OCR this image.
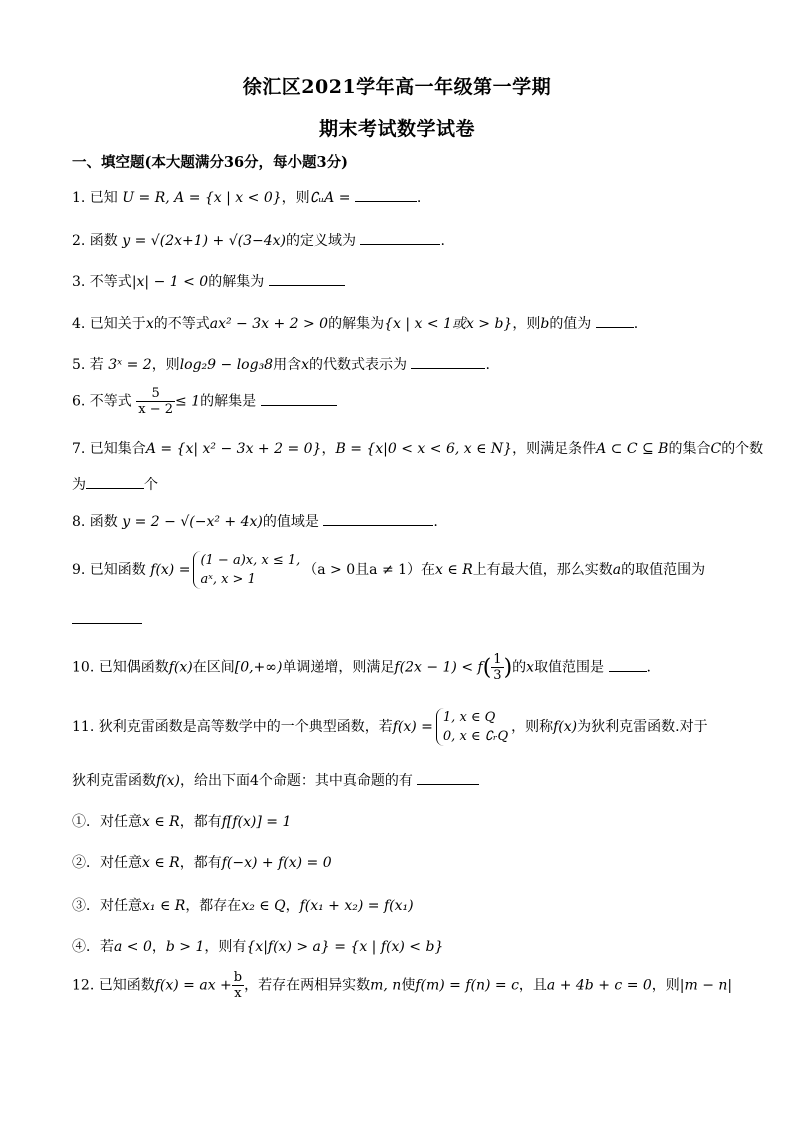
徐汇区2021学年高一年级第一学期
期末考试数学试卷
一、填空题(本大题满分36分，每小题3分)
1. 已知 U = R, A = {x | x < 0}，则∁ᵤA =	.
2. 函数 y = √(2x+1) + √(3−4x)的定义域为	.
3. 不等式|x| − 1 < 0的解集为
4. 已知关于x的不等式ax² − 3x + 2 > 0的解集为{x | x < 1或x > b}，则b的值为	.
5. 若 3ˣ = 2，则log₂9 − log₃8用含x的代数式表示为	.
6. 不等式 $\frac{5}{x - 2} \le 1$的解集是
7. 已知集合A = {x| x² − 3x + 2 = 0}，B = {x|0 < x < 6, x ∈ N}，则满足条件A ⊂ C ⊆ B的集合C的个数
为	个
8. 函数 y = 2 − √(−x² + 4x)的值域是	.
9. 已知函数 f(x) =(1 − a)x, x ≤ 1,
aˣ, x > 1（a > 0且a ≠ 1）在x ∈ R上有最大值，那么实数a的取值范围为
10. 已知偶函数f(x)在区间[0,+∞)单调递增，则满足$f(2x - 1) < f( \frac{1}{3}$ )的x取值范围是	.
11. 狄利克雷函数是高等数学中的一个典型函数，若f(x) =1, x ∈ Q
0, x ∈ ∁ᵣQ，则称f(x)为狄利克雷函数.对于
狄利克雷函数f(x)，给出下面4个命题：其中真命题的有
①．对任意x ∈ R，都有f[f(x)] = 1
②．对任意x ∈ R，都有f(−x) + f(x) = 0
③．对任意x₁ ∈ R，都存在x₂ ∈ Q，f(x₁ + x₂) = f(x₁)
④．若a < 0，b > 1，则有{x|f(x) > a} = {x | f(x) < b}
12. 已知函数f(x) = ax + $\frac{b}{x}$ ，若存在两相异实数m, n使f(m) = f(n) = c，且a + 4b + c = 0，则|m − n|
